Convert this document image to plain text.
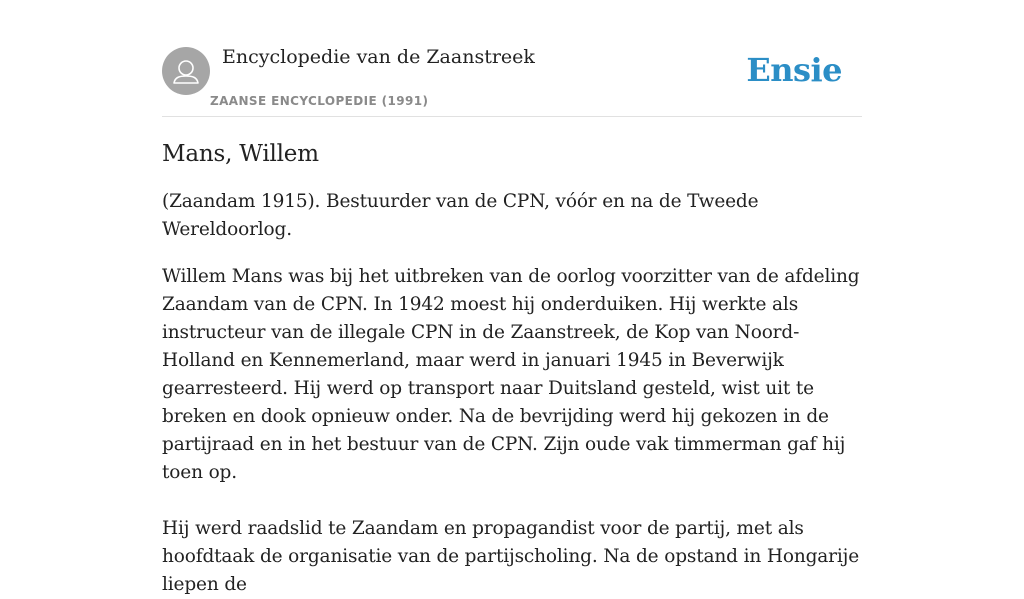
Encyclopedie van de Zaanstreek
ZAANSE ENCYCLOPEDIE (1991)
Ensie
Mans, Willem

(Zaandam 1915). Bestuurder van de CPN, vóór en na de Tweede Wereldoorlog.

Willem Mans was bij het uitbreken van de oorlog voorzitter van de afdeling Zaandam van de CPN. In 1942 moest hij onderduiken. Hij werkte als instructeur van de illegale CPN in de Zaanstreek, de Kop van Noord-Holland en Kennemerland, maar werd in januari 1945 in Beverwijk gearresteerd. Hij werd op transport naar Duitsland gesteld, wist uit te breken en dook opnieuw onder. Na de bevrijding werd hij gekozen in de partijraad en in het bestuur van de CPN. Zijn oude vak timmerman gaf hij toen op.

Hij werd raadslid te Zaandam en propagandist voor de partij, met als hoofdtaak de organisatie van de partijscholing. Na de opstand in Hongarije liepen de
